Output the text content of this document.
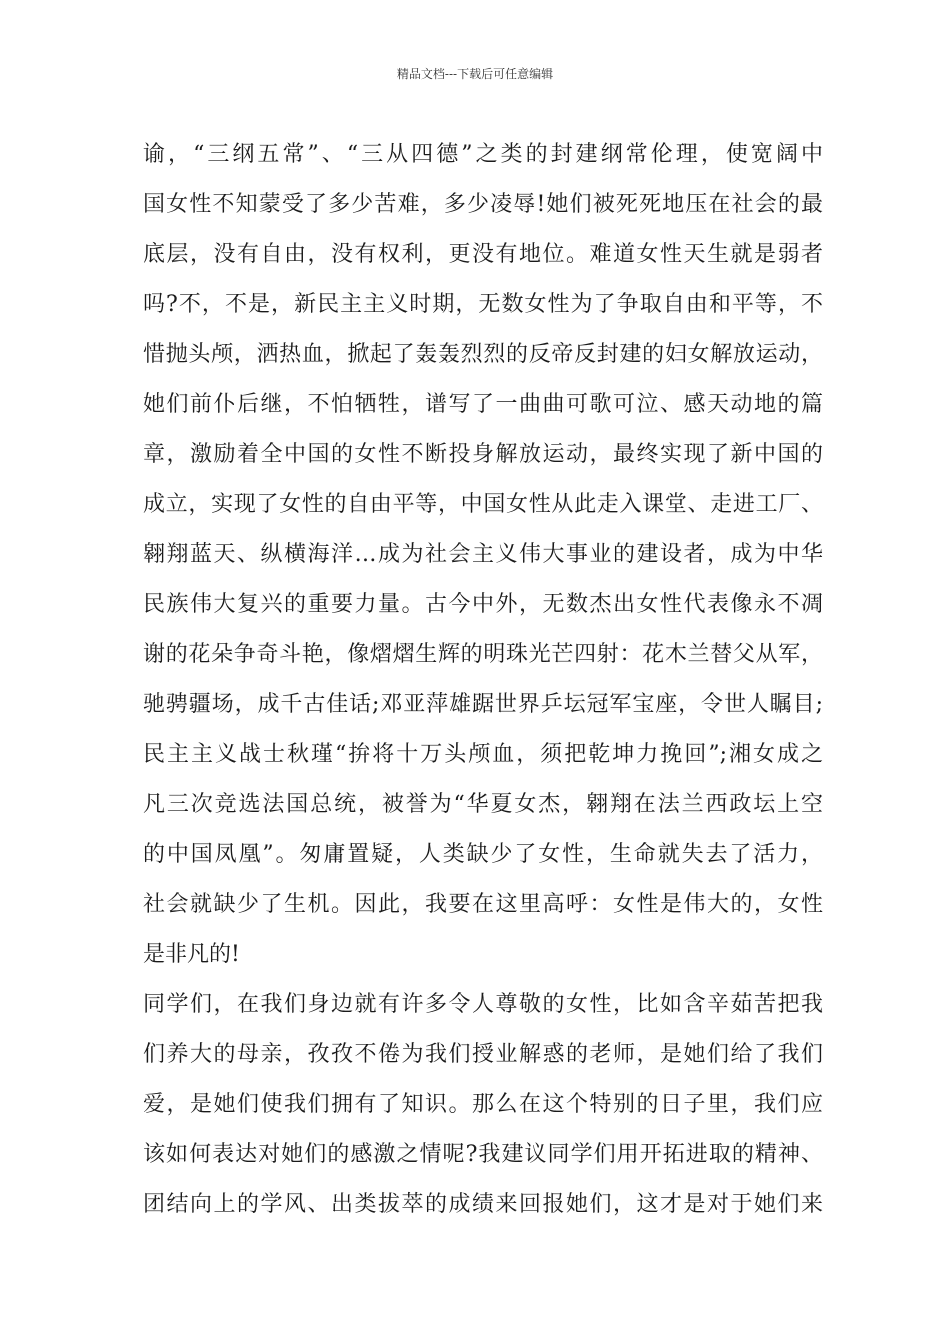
精品文档---下载后可任意编辑
谕，“三纲五常”、“三从四德”之类的封建纲常伦理，使宽阔中
国女性不知蒙受了多少苦难，多少凌辱!她们被死死地压在社会的最
底层，没有自由，没有权利，更没有地位。难道女性天生就是弱者
吗?不，不是，新民主主义时期，无数女性为了争取自由和平等，不
惜抛头颅，洒热血，掀起了轰轰烈烈的反帝反封建的妇女解放运动，
她们前仆后继，不怕牺牲，谱写了一曲曲可歌可泣、感天动地的篇
章，激励着全中国的女性不断投身解放运动，最终实现了新中国的
成立，实现了女性的自由平等，中国女性从此走入课堂、走进工厂、
翱翔蓝天、纵横海洋…成为社会主义伟大事业的建设者，成为中华
民族伟大复兴的重要力量。古今中外，无数杰出女性代表像永不凋
谢的花朵争奇斗艳，像熠熠生辉的明珠光芒四射：花木兰替父从军，
驰骋疆场，成千古佳话;邓亚萍雄踞世界乒坛冠军宝座，令世人瞩目;
民主主义战士秋瑾“拚将十万头颅血，须把乾坤力挽回”;湘女成之
凡三次竞选法国总统，被誉为“华夏女杰，翱翔在法兰西政坛上空
的中国凤凰”。匆庸置疑，人类缺少了女性，生命就失去了活力，
社会就缺少了生机。因此，我要在这里高呼：女性是伟大的，女性
是非凡的!
同学们，在我们身边就有许多令人尊敬的女性，比如含辛茹苦把我
们养大的母亲，孜孜不倦为我们授业解惑的老师，是她们给了我们
爱，是她们使我们拥有了知识。那么在这个特别的日子里，我们应
该如何表达对她们的感激之情呢?我建议同学们用开拓进取的精神、
团结向上的学风、出类拔萃的成绩来回报她们，这才是对于她们来
